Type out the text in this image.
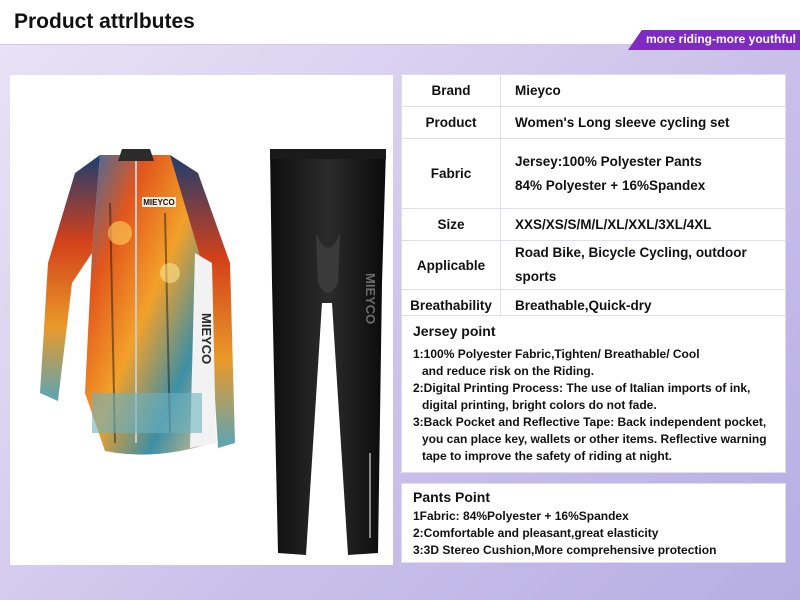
Product attrlbutes
more riding-more youthful
MIEYCO
MIEYCO
MIEYCO
Brand	Mieyco

Product	Women's Long sleeve cycling set

Fabric	Jersey:100% Polyester Pants
84% Polyester + 16%Spandex

Size	XXS/XS/S/M/L/XL/XXL/3XL/4XL

Applicable	Road Bike, Bicycle Cycling, outdoor sports

Breathability	Breathable,Quick-dry
Jersey point
1:100% Polyester Fabric,Tighten/ Breathable/ Cool
and reduce risk on the Riding.
2:Digital Printing Process: The use of Italian imports of ink,
digital printing, bright colors do not fade.
3:Back Pocket and Reflective Tape: Back independent pocket,
you can place key, wallets or other items. Reflective warning
tape to improve the safety of riding at night.
Pants Point
1Fabric: 84%Polyester + 16%Spandex
2:Comfortable and pleasant,great elasticity
3:3D Stereo Cushion,More comprehensive protection
